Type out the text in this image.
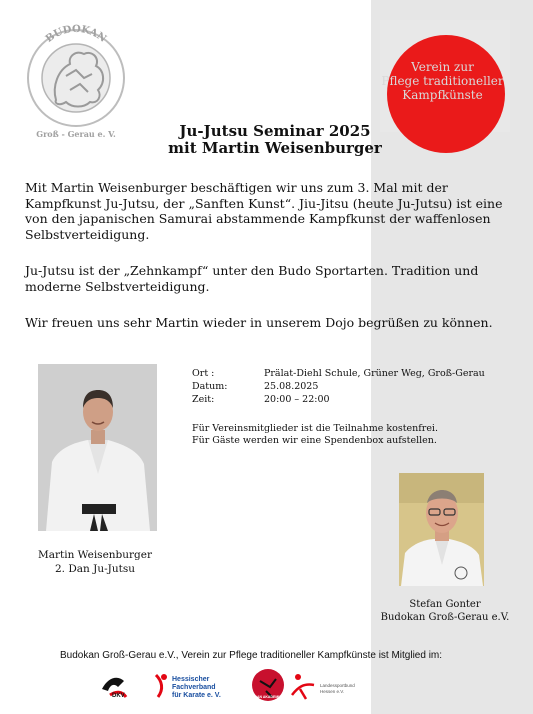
Verein zur
Pflege traditioneller
Kampfkünste
BUDOKAN
Groß - Gerau e. V.	Ju-Jutsu Seminar 2025
mit Martin Weisenburger
Mit Martin Weisenburger beschäftigen wir uns zum 3. Mal mit der Kampfkunst Ju-Jutsu, der „Sanften Kunst“. Jiu-Jitsu (heute Ju-Jutsu) ist eine von den japanischen Samurai abstammende Kampfkunst der waffenlosen Selbstverteidigung.
Ju-Jutsu ist der „Zehnkampf“ unter den Budo Sportarten. Tradition und moderne Selbstverteidigung.
Wir freuen uns sehr Martin wieder in unserem Dojo begrüßen zu können.
Ort :	Prälat-Diehl Schule, Grüner Weg, Groß-Gerau
Datum:	25.08.2025
Zeit:	20:00 – 22:00
Für Vereinsmitglieder ist die Teilnahme kostenfrei.
Für Gäste werden wir eine Spendenbox aufstellen.
Martin Weisenburger
2. Dan Ju-Jutsu
Stefan Gonter
Budokan Groß-Gerau e.V.
Budokan Groß-Gerau e.V., Verein zur Pflege traditioneller Kampfkünste ist Mitglied im:
DKV
Hessischer
Fachverband
für Karate e. V.	DAN AKADEMIE
Landessportbund
Hessen e.V.
